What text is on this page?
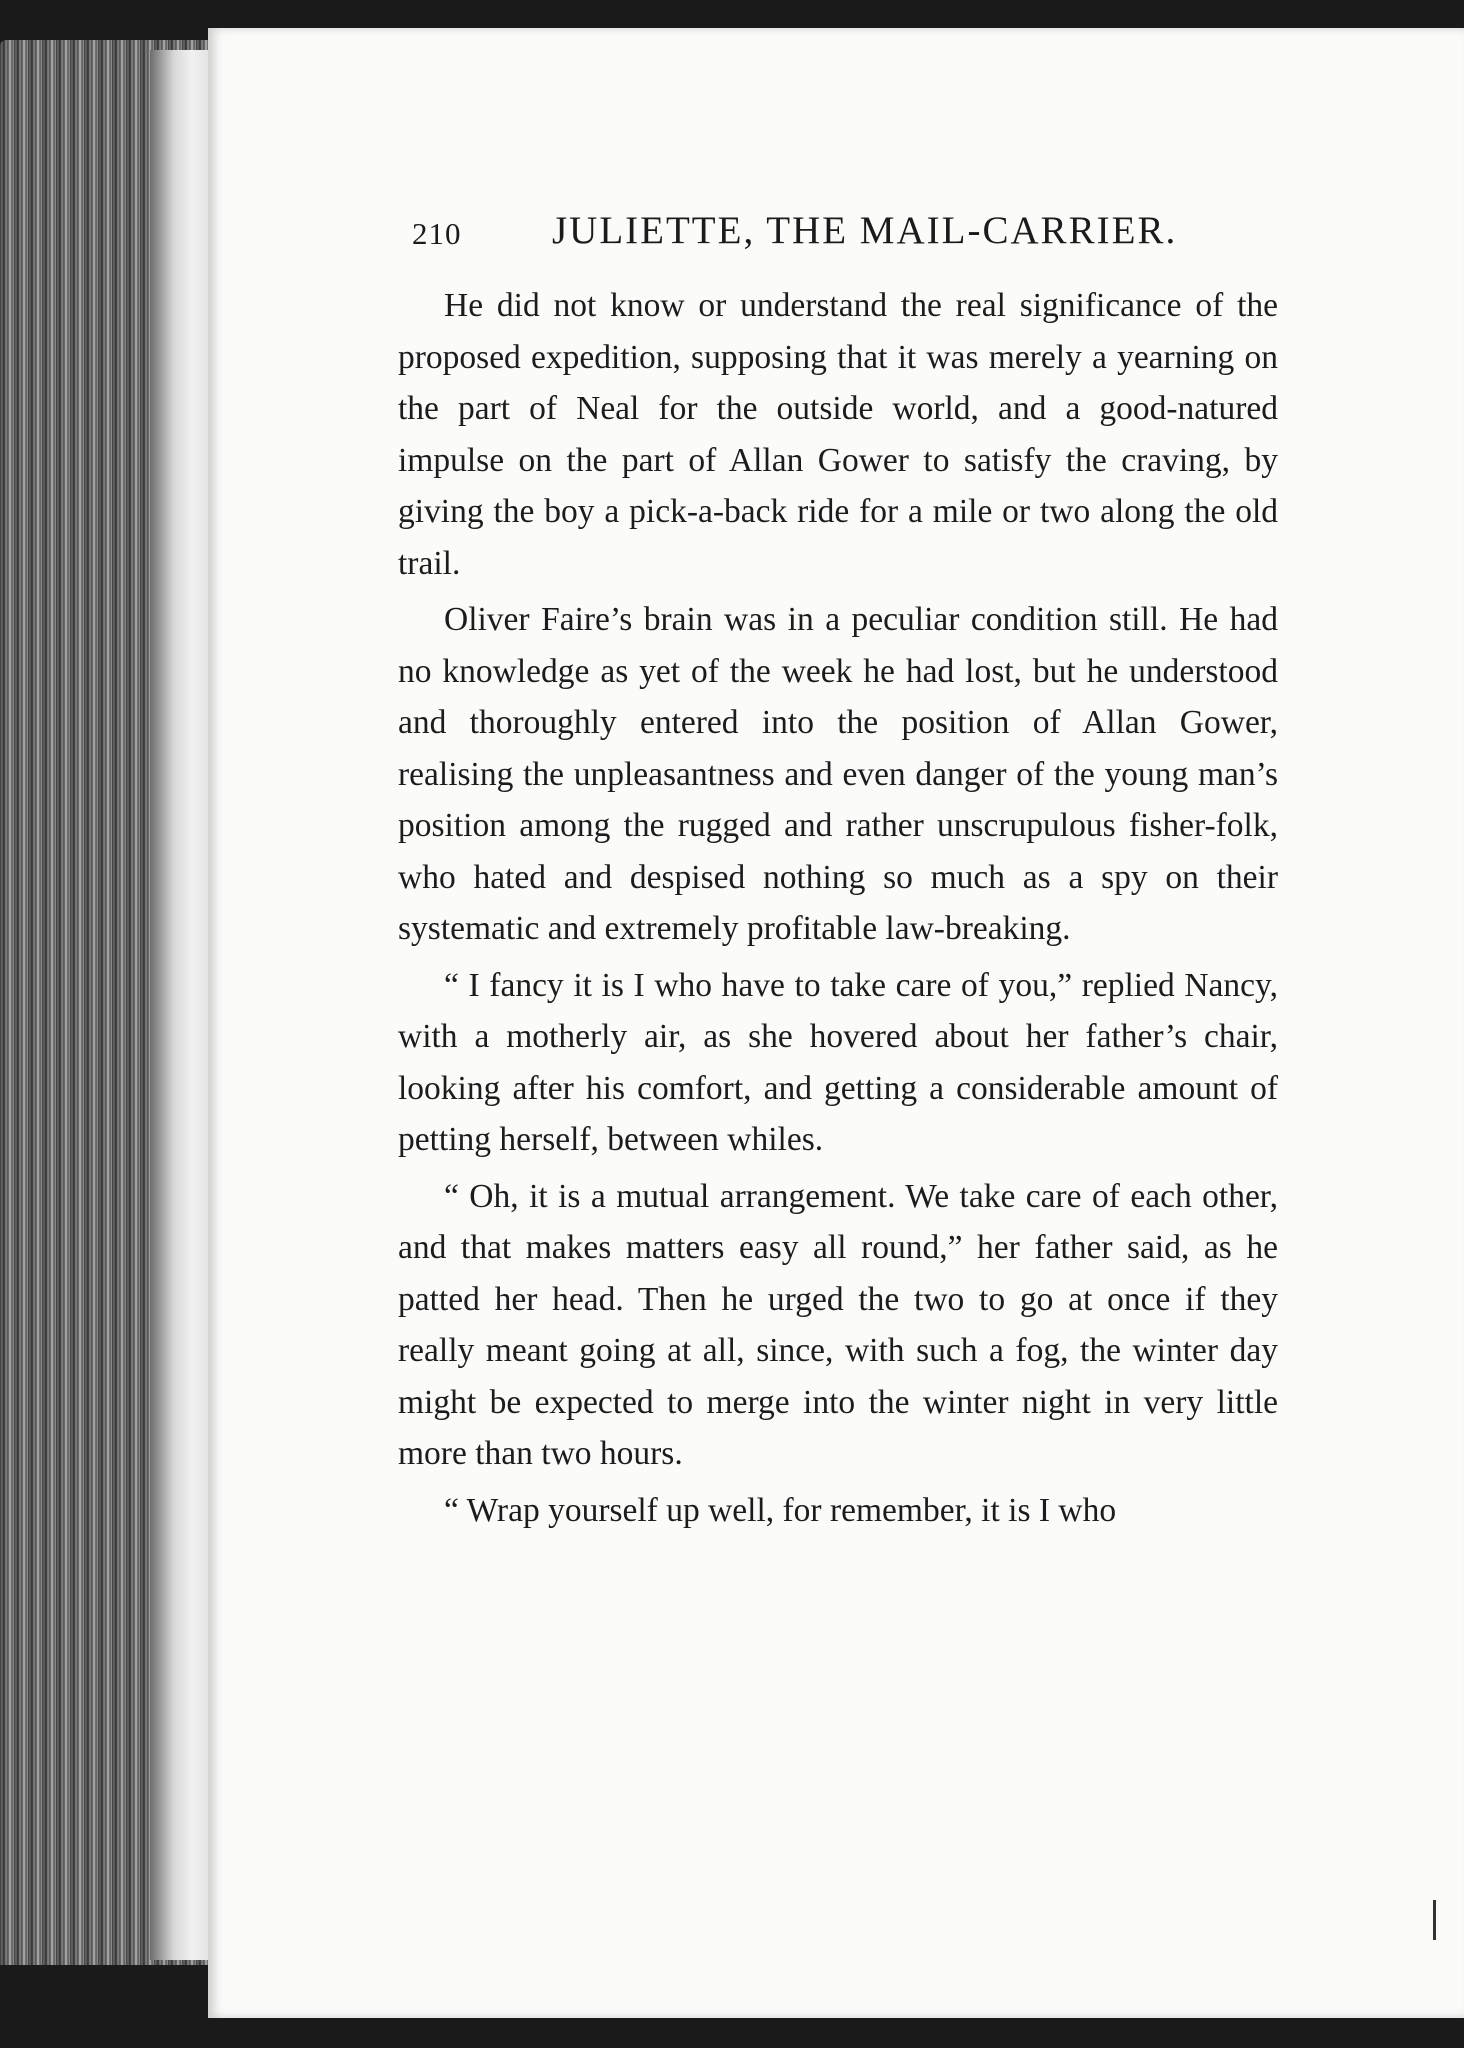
210 JULIETTE, THE MAIL-CARRIER.

He did not know or understand the real significance of the proposed expedition, supposing that it was merely a yearning on the part of Neal for the outside world, and a good-natured impulse on the part of Allan Gower to satisfy the craving, by giving the boy a pick-a-back ride for a mile or two along the old trail.

Oliver Faire’s brain was in a peculiar condition still. He had no knowledge as yet of the week he had lost, but he understood and thoroughly entered into the position of Allan Gower, realising the unpleasantness and even danger of the young man’s position among the rugged and rather unscrupulous fisher-folk, who hated and despised nothing so much as a spy on their systematic and extremely profitable law-breaking.

“ I fancy it is I who have to take care of you,” replied Nancy, with a motherly air, as she hovered about her father’s chair, looking after his comfort, and getting a considerable amount of petting herself, between whiles.

“ Oh, it is a mutual arrangement. We take care of each other, and that makes matters easy all round,” her father said, as he patted her head. Then he urged the two to go at once if they really meant going at all, since, with such a fog, the winter day might be expected to merge into the winter night in very little more than two hours.

“ Wrap yourself up well, for remember, it is I who
